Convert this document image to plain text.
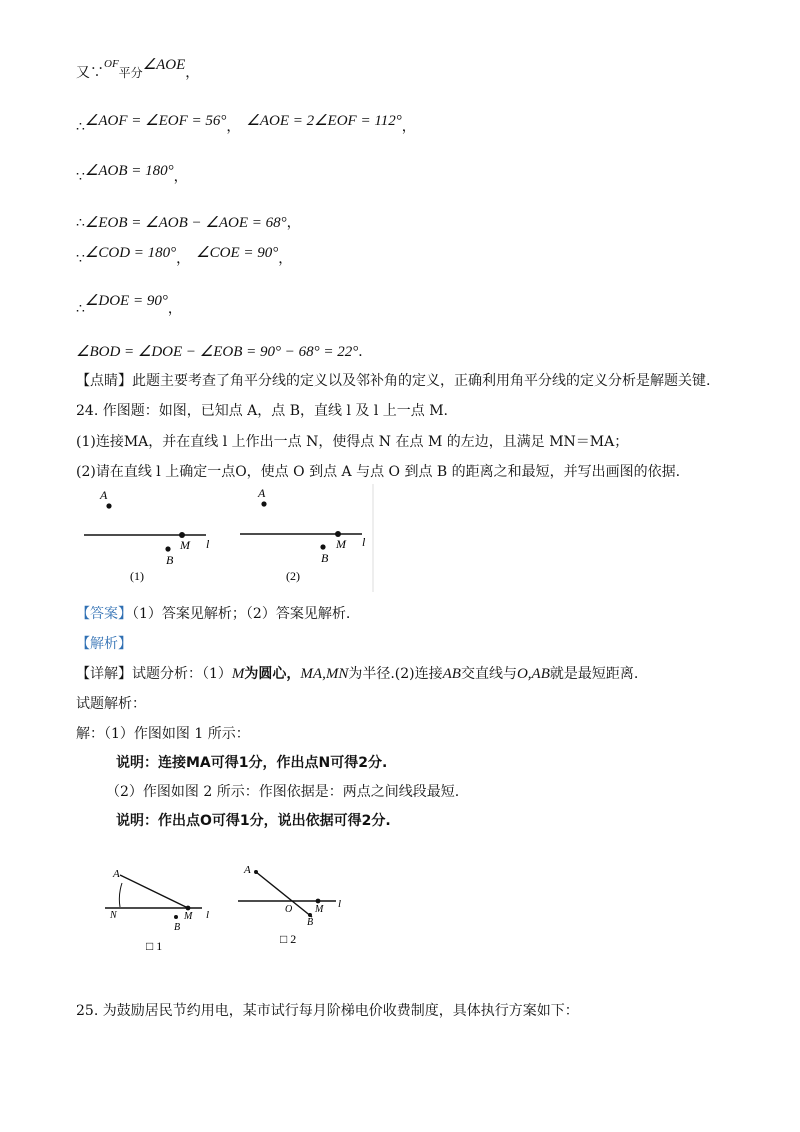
又∵$^{OF}$平分∠AOE，
∴∠AOF = ∠EOF = 56°， ∠AOE = 2∠EOF = 112°，
∵∠AOB = 180°，
∴∠EOB = ∠AOB − ∠AOE = 68°，
∵∠COD = 180°， ∠COE = 90°，
∴∠DOE = 90°，
∠BOD = ∠DOE − ∠EOB = 90° − 68° = 22°．
【点睛】此题主要考查了角平分线的定义以及邻补角的定义，正确利用角平分线的定义分析是解题关键.
24. 作图题：如图，已知点 A，点 B，直线 l 及 l 上一点 M.
(1)连接MA，并在直线 l 上作出一点 N，使得点 N 在点 M 的左边，且满足 MN＝MA；
(2)请在直线 l 上确定一点O，使点 O 到点 A 与点 O 到点 B 的距离之和最短，并写出画图的依据.
A
M l
B
(1)
A
M l
B
(2)
【答案】（1）答案见解析；（2）答案见解析.
【解析】
【详解】试题分析：（1）M为圆心，MA,MN为半径.(2)连接AB交直线与O,AB就是最短距离.
试题解析：
解：（1）作图如图 1 所示：
说明：连接MA可得1分，作出点N可得2分.
（2）作图如图 2 所示：作图依据是：两点之间线段最短.
说明：作出点O可得1分，说出依据可得2分.
A
N	M l
B
□ 1
A
O M l
B
□ 2
25. 为鼓励居民节约用电，某市试行每月阶梯电价收费制度，具体执行方案如下：
